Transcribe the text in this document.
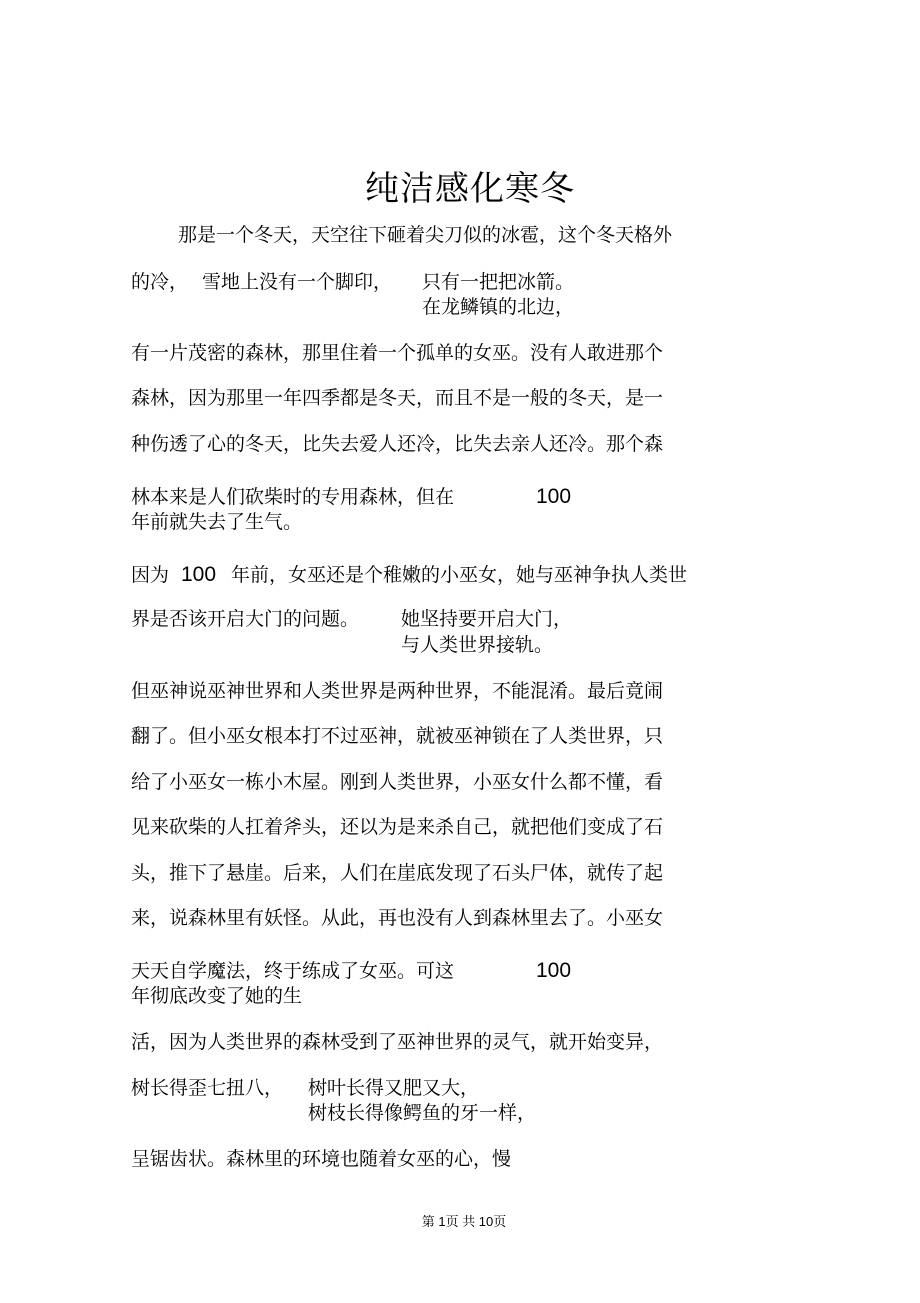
纯洁感化寒冬
那是一个冬天，天空往下砸着尖刀似的冰雹，这个冬天格外
的冷， 雪地上没有一个脚印， 只有一把把冰箭。
在龙鳞镇的北边，
有一片茂密的森林，那里住着一个孤单的女巫。没有人敢进那个
森林，因为那里一年四季都是冬天，而且不是一般的冬天，是一
种伤透了心的冬天，比失去爱人还冷，比失去亲人还冷。那个森
林本来是人们砍柴时的专用森林，但在	100
年前就失去了生气。
因为 100 年前，女巫还是个稚嫩的小巫女，她与巫神争执人类世
界是否该开启大门的问题。 她坚持要开启大门，
与人类世界接轨。
但巫神说巫神世界和人类世界是两种世界，不能混淆。最后竟闹
翻了。但小巫女根本打不过巫神，就被巫神锁在了人类世界，只
给了小巫女一栋小木屋。刚到人类世界，小巫女什么都不懂，看
见来砍柴的人扛着斧头，还以为是来杀自己，就把他们变成了石
头，推下了悬崖。后来，人们在崖底发现了石头尸体，就传了起
来，说森林里有妖怪。从此，再也没有人到森林里去了。小巫女
天天自学魔法，终于练成了女巫。可这	100
年彻底改变了她的生
活，因为人类世界的森林受到了巫神世界的灵气，就开始变异，
树长得歪七扭八， 树叶长得又肥又大，
树枝长得像鳄鱼的牙一样，
呈锯齿状。森林里的环境也随着女巫的心，慢
第 1页 共 10页
